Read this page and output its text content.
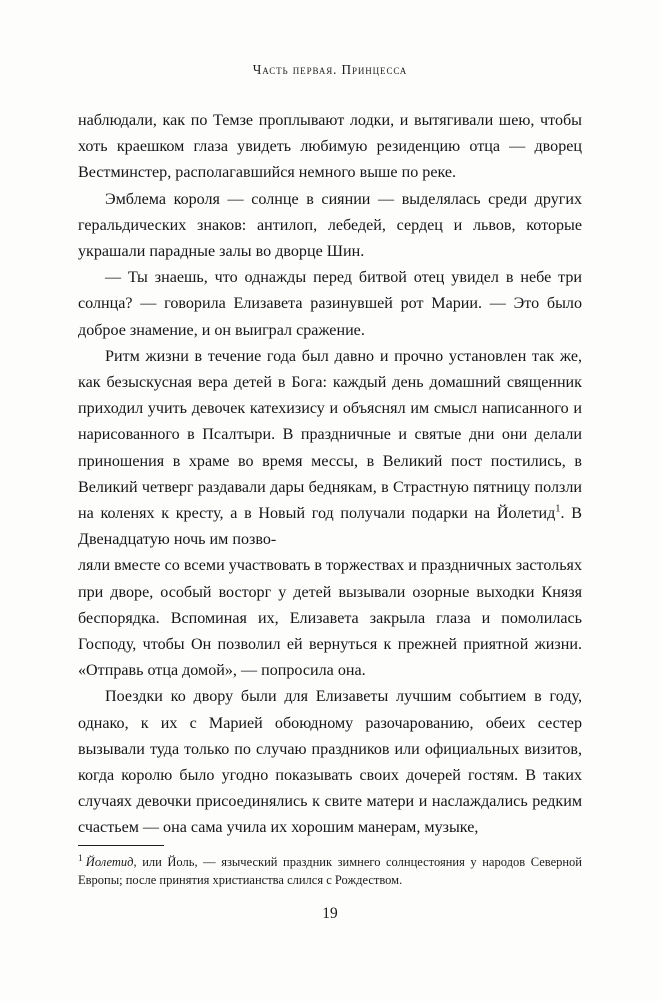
Часть первая. Принцесса

наблюдали, как по Темзе проплывают лодки, и вытягивали шею, чтобы хоть краешком глаза увидеть любимую резиденцию отца — дворец Вестминстер, располагавшийся немного выше по реке.

Эмблема короля — солнце в сиянии — выделялась среди других геральдических знаков: антилоп, лебедей, сердец и львов, которые украшали парадные залы во дворце Шин.

— Ты знаешь, что однажды перед битвой отец увидел в небе три солнца? — говорила Елизавета разинувшей рот Марии. — Это было доброе знамение, и он выиграл сражение.

Ритм жизни в течение года был давно и прочно установлен так же, как безыскусная вера детей в Бога: каждый день домашний священник приходил учить девочек катехизису и объяснял им смысл написанного и нарисованного в Псалтыри. В праздничные и святые дни они делали приношения в храме во время мессы, в Великий пост постились, в Великий четверг раздавали дары беднякам, в Страстную пятницу ползли на коленях к кресту, а в Новый год получали подарки на Йолетид$^1$. В Двенадцатую ночь им позво-

ляли вместе со всеми участвовать в торжествах и праздничных застольях при дворе, особый восторг у детей вызывали озорные выходки Князя беспорядка. Вспоминая их, Елизавета закрыла глаза и помолилась Господу, чтобы Он позволил ей вернуться к прежней приятной жизни. «Отправь отца домой», — попросила она.

Поездки ко двору были для Елизаветы лучшим событием в году, однако, к их с Марией обоюдному разочарованию, обеих сестер вызывали туда только по случаю праздников или официальных визитов, когда королю было угодно показывать своих дочерей гостям. В таких случаях девочки присоединялись к свите матери и наслаждались редким счастьем — она сама учила их хорошим манерам, музыке,

$^1$ Йолетид, или Йоль, — языческий праздник зимнего солнцестояния у народов Северной Европы; после принятия христианства слился с Рождеством.
19
